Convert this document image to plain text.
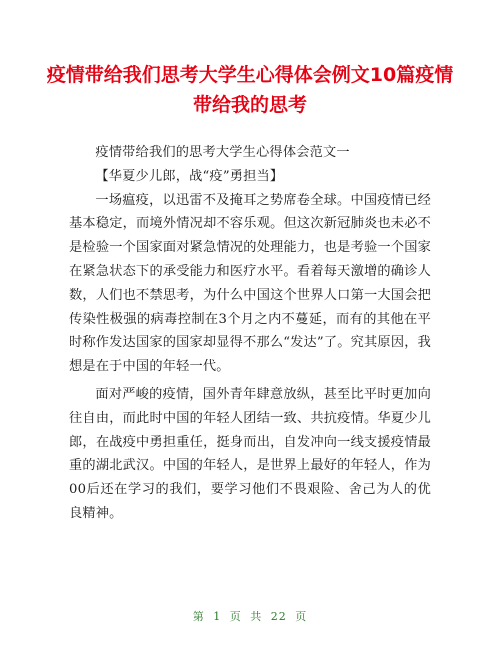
疫情带给我们思考大学生心得体会例文10篇疫情带给我的思考

疫情带给我们的思考大学生心得体会范文一

【华夏少儿郎，战“疫”勇担当】

一场瘟疫，以迅雷不及掩耳之势席卷全球。中国疫情已经基本稳定，而境外情况却不容乐观。但这次新冠肺炎也未必不是检验一个国家面对紧急情况的处理能力，也是考验一个国家在紧急状态下的承受能力和医疗水平。看着每天激增的确诊人数，人们也不禁思考，为什么中国这个世界人口第一大国会把传染性极强的病毒控制在3个月之内不蔓延，而有的其他在平时称作发达国家的国家却显得不那么“发达”了。究其原因，我想是在于中国的年轻一代。

面对严峻的疫情，国外青年肆意放纵，甚至比平时更加向往自由，而此时中国的年轻人团结一致、共抗疫情。华夏少儿郎，在战疫中勇担重任，挺身而出，自发冲向一线支援疫情最重的湖北武汉。中国的年轻人，是世界上最好的年轻人，作为00后还在学习的我们，要学习他们不畏艰险、舍己为人的优良精神。

第 1 页 共 22 页
